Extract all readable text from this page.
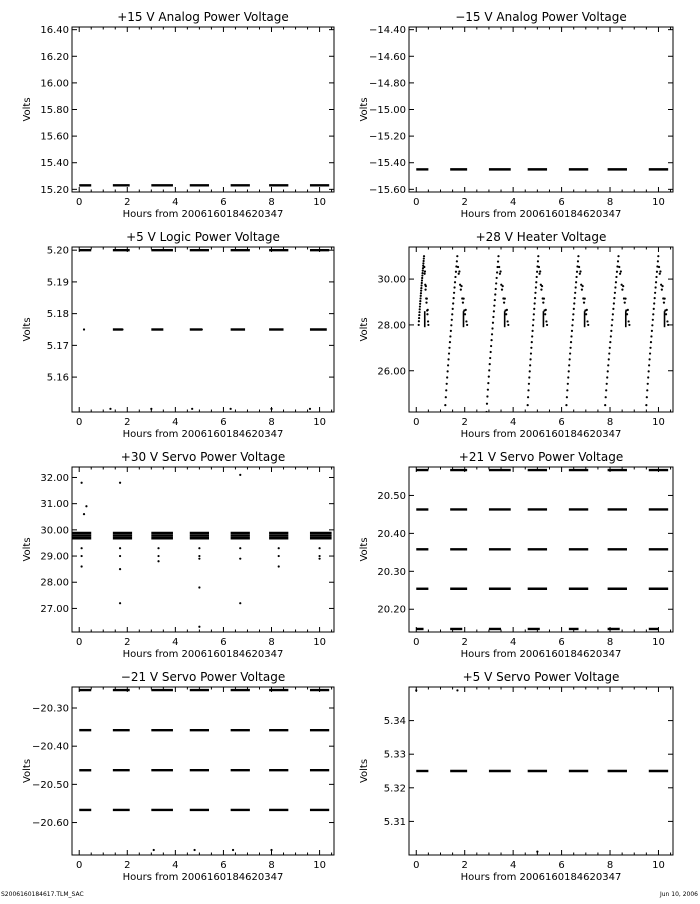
+15 V Analog Power Voltage
0	2	4	6	8	10
15.20
15.40
15.60
15.80
16.00
16.20
16.40
Hours from 2006160184620347
Volts
−15 V Analog Power Voltage
0	2	4	6	8	10
−14.40
−14.60
−14.80
−15.00
−15.20
−15.40
−15.60
Hours from 2006160184620347
Volts
+5 V Logic Power Voltage
0	2	4	6	8	10
5.16
5.17
5.18
5.19
5.20
Hours from 2006160184620347
Volts
+28 V Heater Voltage
0	2	4	6	8	10
26.00
28.00
30.00
Hours from 2006160184620347
Volts
+30 V Servo Power Voltage
0	2	4	6	8	10
27.00
28.00
29.00
30.00
31.00
32.00
Hours from 2006160184620347
Volts
+21 V Servo Power Voltage
0	2	4	6	8	10
20.20
20.30
20.40
20.50
Hours from 2006160184620347
Volts
−21 V Servo Power Voltage
0	2	4	6	8	10
−20.30
−20.40
−20.50
−20.60
Hours from 2006160184620347
Volts
+5 V Servo Power Voltage
0	2	4	6	8	10
5.31
5.32
5.33
5.34
Hours from 2006160184620347
Volts
S2006160184617.TLM_SAC	Jun 10, 2006
